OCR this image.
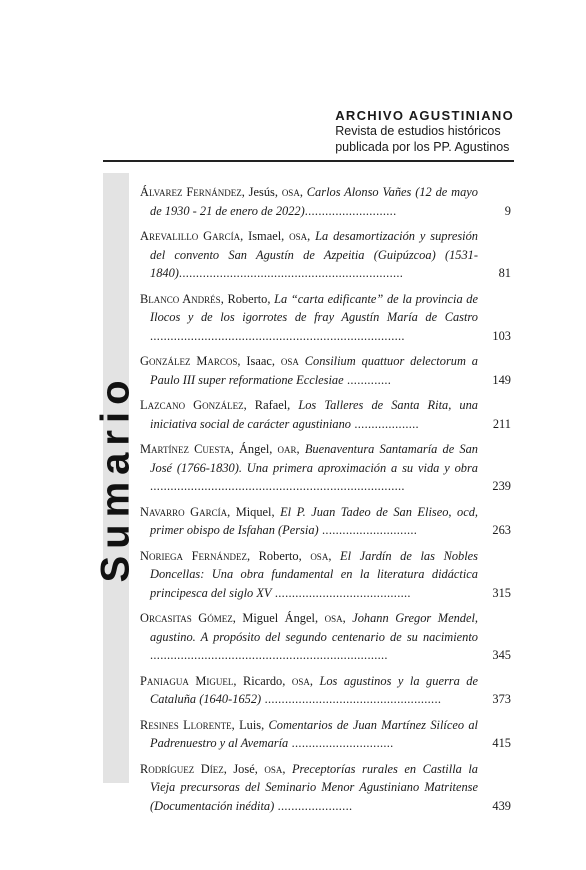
ARCHIVO AGUSTINIANO
Revista de estudios históricos
publicada por los PP. Agustinos
Sumario
Álvarez Fernández, Jesús, osa, Carlos Alonso Vañes (12 de mayo de 1930 - 21 de enero de 2022)...........................	9
Arevalillo García, Ismael, osa, La desamortización y supresión del convento San Agustín de Azpeitia (Guipúzcoa) (1531-1840)..................................................................	81
Blanco Andrés, Roberto, La “carta edificante” de la provincia de Ilocos y de los igorrotes de fray Agustín María de Castro ...........................................................................	103
González Marcos, Isaac, osa Consilium quattuor delectorum a Paulo III super reformatione Ecclesiae .............	149
Lazcano González, Rafael, Los Talleres de Santa Rita, una iniciativa social de carácter agustiniano ...................	211
Martínez Cuesta, Ángel, oar, Buenaventura Santamaría de San José (1766-1830). Una primera aproximación a su vida y obra ...........................................................................	239
Navarro García, Miquel, El P. Juan Tadeo de San Eliseo, ocd, primer obispo de Isfahan (Persia) ............................	263
Noriega Fernández, Roberto, osa, El Jardín de las Nobles Doncellas: Una obra fundamental en la literatura didáctica principesca del siglo XV ........................................	315
Orcasitas Gómez, Miguel Ángel, osa, Johann Gregor Mendel, agustino. A propósito del segundo centenario de su nacimiento ......................................................................	345
Paniagua Miguel, Ricardo, osa, Los agustinos y la guerra de Cataluña (1640-1652) ....................................................	373
Resines Llorente, Luis, Comentarios de Juan Martínez Silíceo al Padrenuestro y al Avemaría ..............................	415
Rodríguez Díez, José, osa, Preceptorías rurales en Castilla la Vieja precursoras del Seminario Menor Agustiniano Matritense (Documentación inédita) ......................	439
